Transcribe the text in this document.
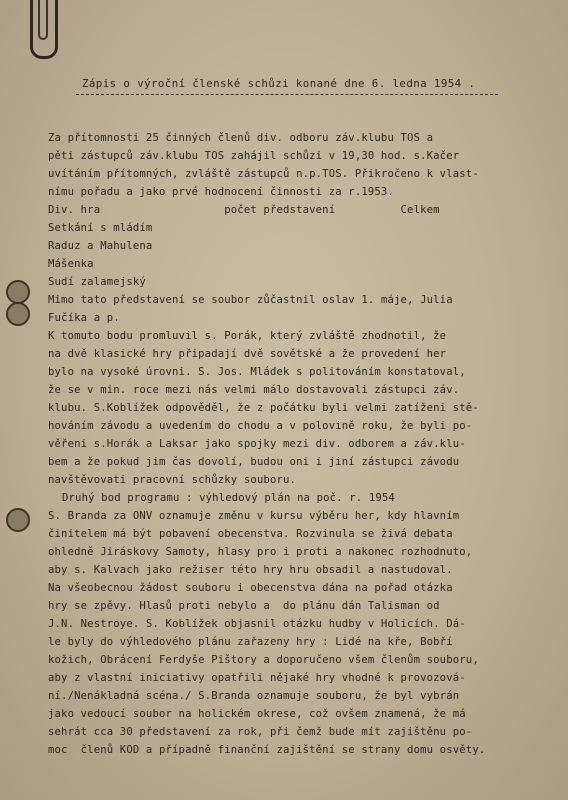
Zápis o výroční členské schůzi konané dne 6. ledna 1954 .
Za přítomnosti 25 činných členů div. odboru záv.klubu TOS a
pěti zástupců záv.klubu TOS zahájil schůzi v 19,30 hod. s.Kačer
uvítáním přítomných, zvláště zástupců n.p.TOS. Přikročeno k vlast-
nímu pořadu a jako prvé hodnocení činnosti za r.1953.
Div. hra                   počet představení          Celkem
Setkání s mládím
Raduz a Mahulena
Mášenka
Sudí zalamejský
Mimo tato představení se soubor zůčastnil oslav 1. máje, Julia
Fučíka a p.
K tomuto bodu promluvil s. Porák, který zvláště zhodnotil, že
na dvě klasické hry připadají dvě sovětské a že provedení her
bylo na vysoké úrovni. S. Jos. Mládek s politováním konstatoval,
že se v min. roce mezi nás velmi málo dostavovali zástupci záv.
klubu. S.Koblížek odpověděl, že z počátku byli velmi zatíženi stě-
hováním závodu a uvedením do chodu a v polovině roku, že byli po-
věřeni s.Horák a Laksar jako spojky mezi div. odborem a záv.klu-
bem a že pokud jim čas dovolí, budou oni i jiní zástupci závodu
navštěvovati pracovní schůzky souboru.
Druhý bod programu : výhledový plán na poč. r. 1954
S. Branda za ONV oznamuje změnu v kursu výběru her, kdy hlavním
činitelem má být pobavení obecenstva. Rozvinula se živá debata
ohledně Jiráskovy Samoty, hlasy pro i proti a nakonec rozhodnuto,
aby s. Kalvach jako režiser této hry hru obsadil a nastudoval.
Na všeobecnou žádost souboru i obecenstva dána na pořad otázka
hry se zpěvy. Hlasů proti nebylo a  do plánu dán Talisman od
J.N. Nestroye. S. Koblížek objasnil otázku hudby v Holicích. Dá-
le byly do výhledového plánu zařazeny hry : Lidé na kře, Bobří
kožich, Obrácení Ferdyše Pištory a doporučeno všem členům souboru,
aby z vlastní iniciativy opatřili nějaké hry vhodné k provozová-
ní./Nenákladná scéna./ S.Branda oznamuje souboru, že byl vybrán
jako vedoucí soubor na holickém okrese, což ovšem znamená, že má
sehrát cca 30 představení za rok, při čemž bude mít zajištěnu po-
moc  členů KOD a případně finanční zajištění se strany domu osvěty.
